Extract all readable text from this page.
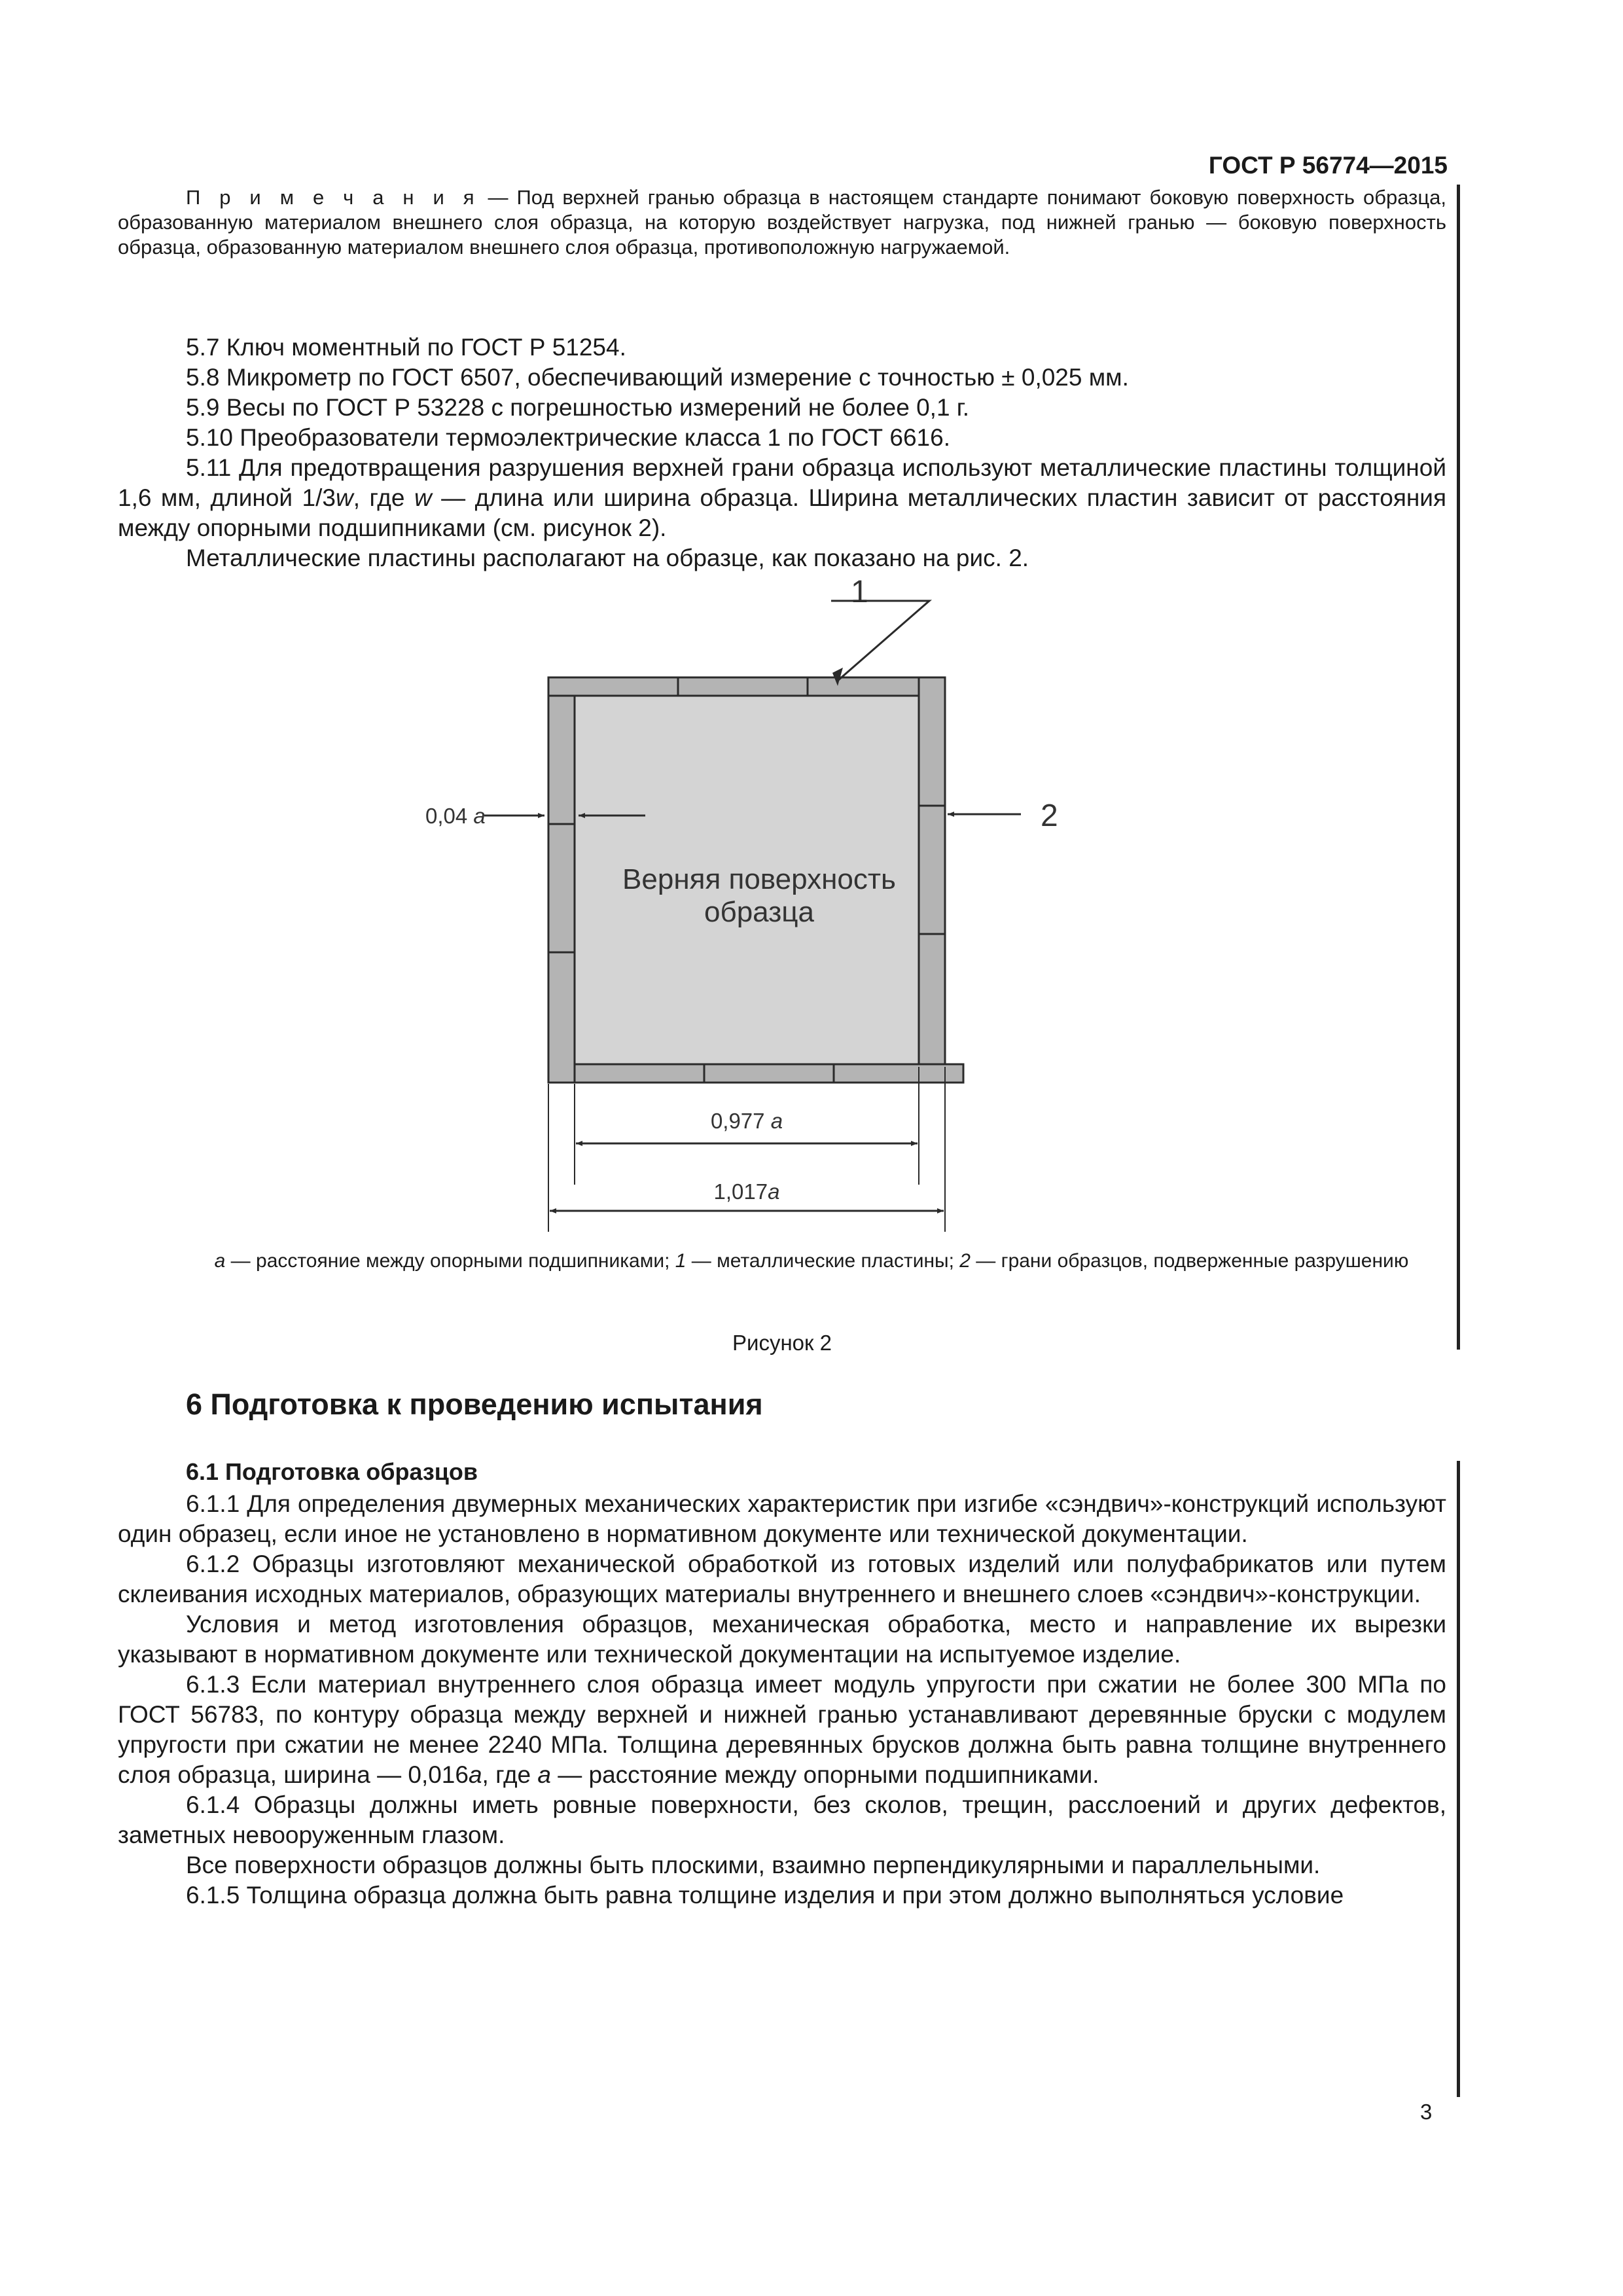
ГОСТ Р 56774—2015
П р и м е ч а н и я — Под верхней гранью образца в настоящем стандарте понимают боковую поверхность образца, образованную материалом внешнего слоя образца, на которую воздействует нагрузка, под нижней гранью — боковую поверхность образца, образованную материалом внешнего слоя образца, противоположную нагружаемой.

5.7 Ключ моментный по ГОСТ Р 51254.

5.8 Микрометр по ГОСТ 6507, обеспечивающий измерение с точностью ± 0,025 мм.

5.9 Весы по ГОСТ Р 53228 с погрешностью измерений не более 0,1 г.

5.10 Преобразователи термоэлектрические класса 1 по ГОСТ 6616.

5.11 Для предотвращения разрушения верхней грани образца используют металлические пластины толщиной 1,6 мм, длиной 1/3w, где w — длина или ширина образца. Ширина металлических пластин зависит от расстояния между опорными подшипниками (см. рисунок 2).

Металлические пластины располагают на образце, как показано на рис. 2.

Верняя поверхность
образца
1
2
0,04 a
0,977 a
1,017a
a — расстояние между опорными подшипниками; 1 — металлические пластины; 2 — грани образцов, подверженные разрушению
Рисунок 2
6 Подготовка к проведению испытания
6.1 Подготовка образцов

6.1.1 Для определения двумерных механических характеристик при изгибе «сэндвич»-конструкций используют один образец, если иное не установлено в нормативном документе или технической документации.

6.1.2 Образцы изготовляют механической обработкой из готовых изделий или полуфабрикатов или путем склеивания исходных материалов, образующих материалы внутреннего и внешнего слоев «сэндвич»-конструкции.

Условия и метод изготовления образцов, механическая обработка, место и направление их вырезки указывают в нормативном документе или технической документации на испытуемое изделие.

6.1.3 Если материал внутреннего слоя образца имеет модуль упругости при сжатии не более 300 МПа по ГОСТ 56783, по контуру образца между верхней и нижней гранью устанавливают деревянные бруски с модулем упругости при сжатии не менее 2240 МПа. Толщина деревянных брусков должна быть равна толщине внутреннего слоя образца, ширина — 0,016a, где a — расстояние между опорными подшипниками.

6.1.4 Образцы должны иметь ровные поверхности, без сколов, трещин, расслоений и других дефектов, заметных невооруженным глазом.

Все поверхности образцов должны быть плоскими, взаимно перпендикулярными и параллельными.

6.1.5 Толщина образца должна быть равна толщине изделия и при этом должно выполняться условие

3
